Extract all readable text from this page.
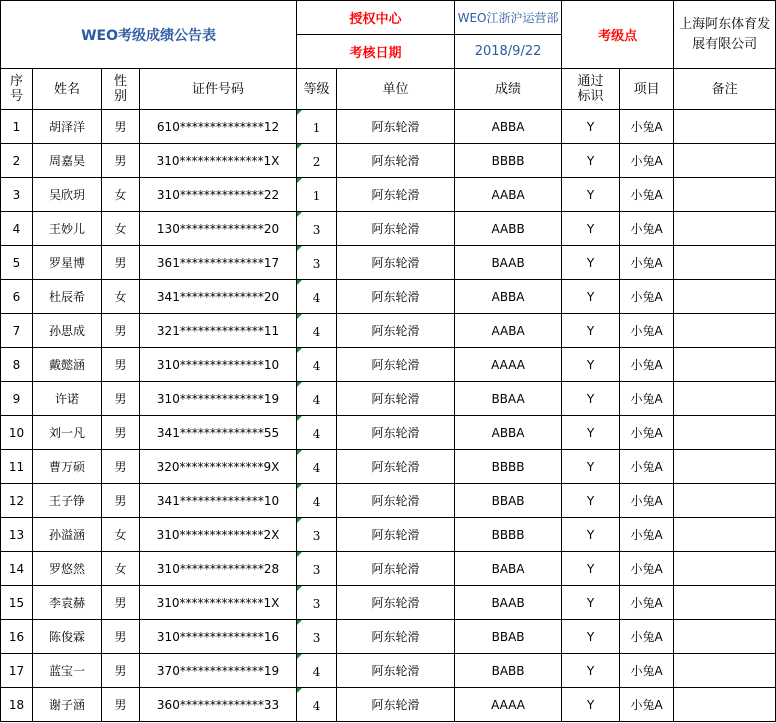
WEO考级成绩公告表				授权中心		WEO江浙沪运营部	考级点		上海阿东体育发展有限公司
				考核日期		2018/9/22			
序号	姓名	性别	证件号码	等级	单位	成绩	通过标识	项目	备注
1	胡泽洋	男	610**************12	1	阿东轮滑	ABBA	Y	小兔A	
2	周嘉昊	男	310**************1X	2	阿东轮滑	BBBB	Y	小兔A	
3	吴欣玥	女	310**************22	1	阿东轮滑	AABA	Y	小兔A	
4	王妙儿	女	130**************20	3	阿东轮滑	AABB	Y	小兔A	
5	罗星博	男	361**************17	3	阿东轮滑	BAAB	Y	小兔A	
6	杜辰希	女	341**************20	4	阿东轮滑	ABBA	Y	小兔A	
7	孙思成	男	321**************11	4	阿东轮滑	AABA	Y	小兔A	
8	戴懿涵	男	310**************10	4	阿东轮滑	AAAA	Y	小兔A	
9	许诺	男	310**************19	4	阿东轮滑	BBAA	Y	小兔A	
10	刘一凡	男	341**************55	4	阿东轮滑	ABBA	Y	小兔A	
11	曹万硕	男	320**************9X	4	阿东轮滑	BBBB	Y	小兔A	
12	王子铮	男	341**************10	4	阿东轮滑	BBAB	Y	小兔A	
13	孙溢涵	女	310**************2X	3	阿东轮滑	BBBB	Y	小兔A	
14	罗悠然	女	310**************28	3	阿东轮滑	BABA	Y	小兔A	
15	李袁赫	男	310**************1X	3	阿东轮滑	BAAB	Y	小兔A	
16	陈俊霖	男	310**************16	3	阿东轮滑	BBAB	Y	小兔A	
17	蓝宝一	男	370**************19	4	阿东轮滑	BABB	Y	小兔A	
18	谢子涵	男	360**************33	4	阿东轮滑	AAAA	Y	小兔A	
